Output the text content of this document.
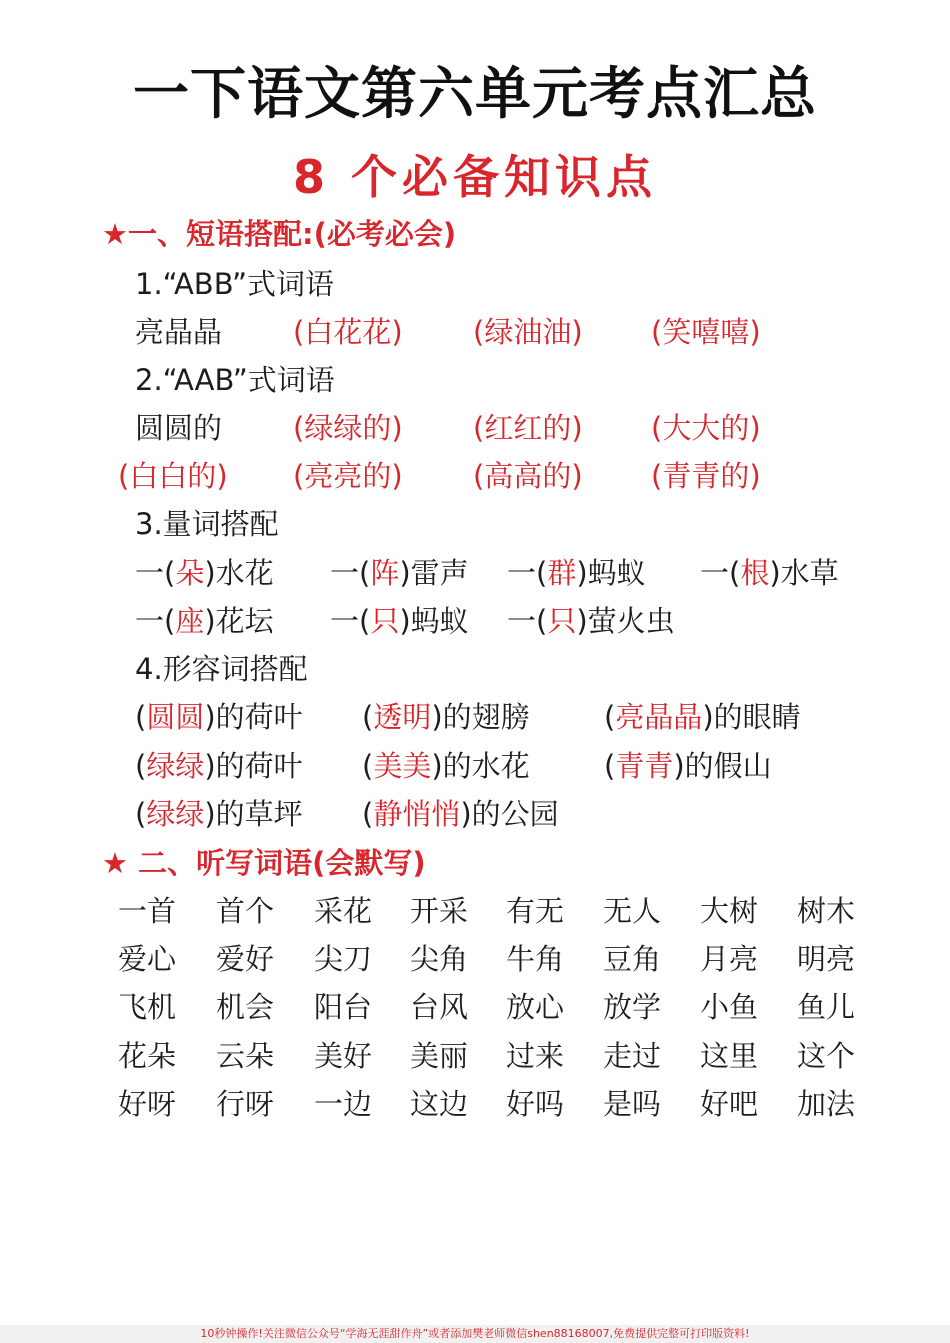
一下语文第六单元考点汇总
8 个必备知识点
★一、短语搭配:(必考必会)
1.“ABB”式词语
亮晶晶 (白花花) (绿油油) (笑嘻嘻)
2.“AAB”式词语
圆圆的 (绿绿的) (红红的) (大大的)
(白白的) (亮亮的) (高高的) (青青的)
3.量词搭配
一(朵)水花 一(阵)雷声 一(群)蚂蚁 一(根)水草
一(座)花坛 一(只)蚂蚁 一(只)萤火虫
4.形容词搭配
(圆圆)的荷叶 (透明)的翅膀	(亮晶晶)的眼睛
(绿绿)的荷叶 (美美)的水花	(青青)的假山
(绿绿)的草坪 (静悄悄)的公园
★ 二、听写词语(会默写)
一首 首个 采花 开采 有无 无人 大树 树木
爱心 爱好 尖刀 尖角 牛角 豆角 月亮 明亮
飞机 机会 阳台 台风 放心 放学 小鱼 鱼儿
花朵 云朵 美好 美丽 过来 走过 这里 这个
好呀 行呀 一边 这边 好吗 是吗 好吧 加法
10秒钟操作!关注微信公众号“学海无涯甜作舟”或者添加樊老师微信shen88168007,免费提供完整可打印版资料!
